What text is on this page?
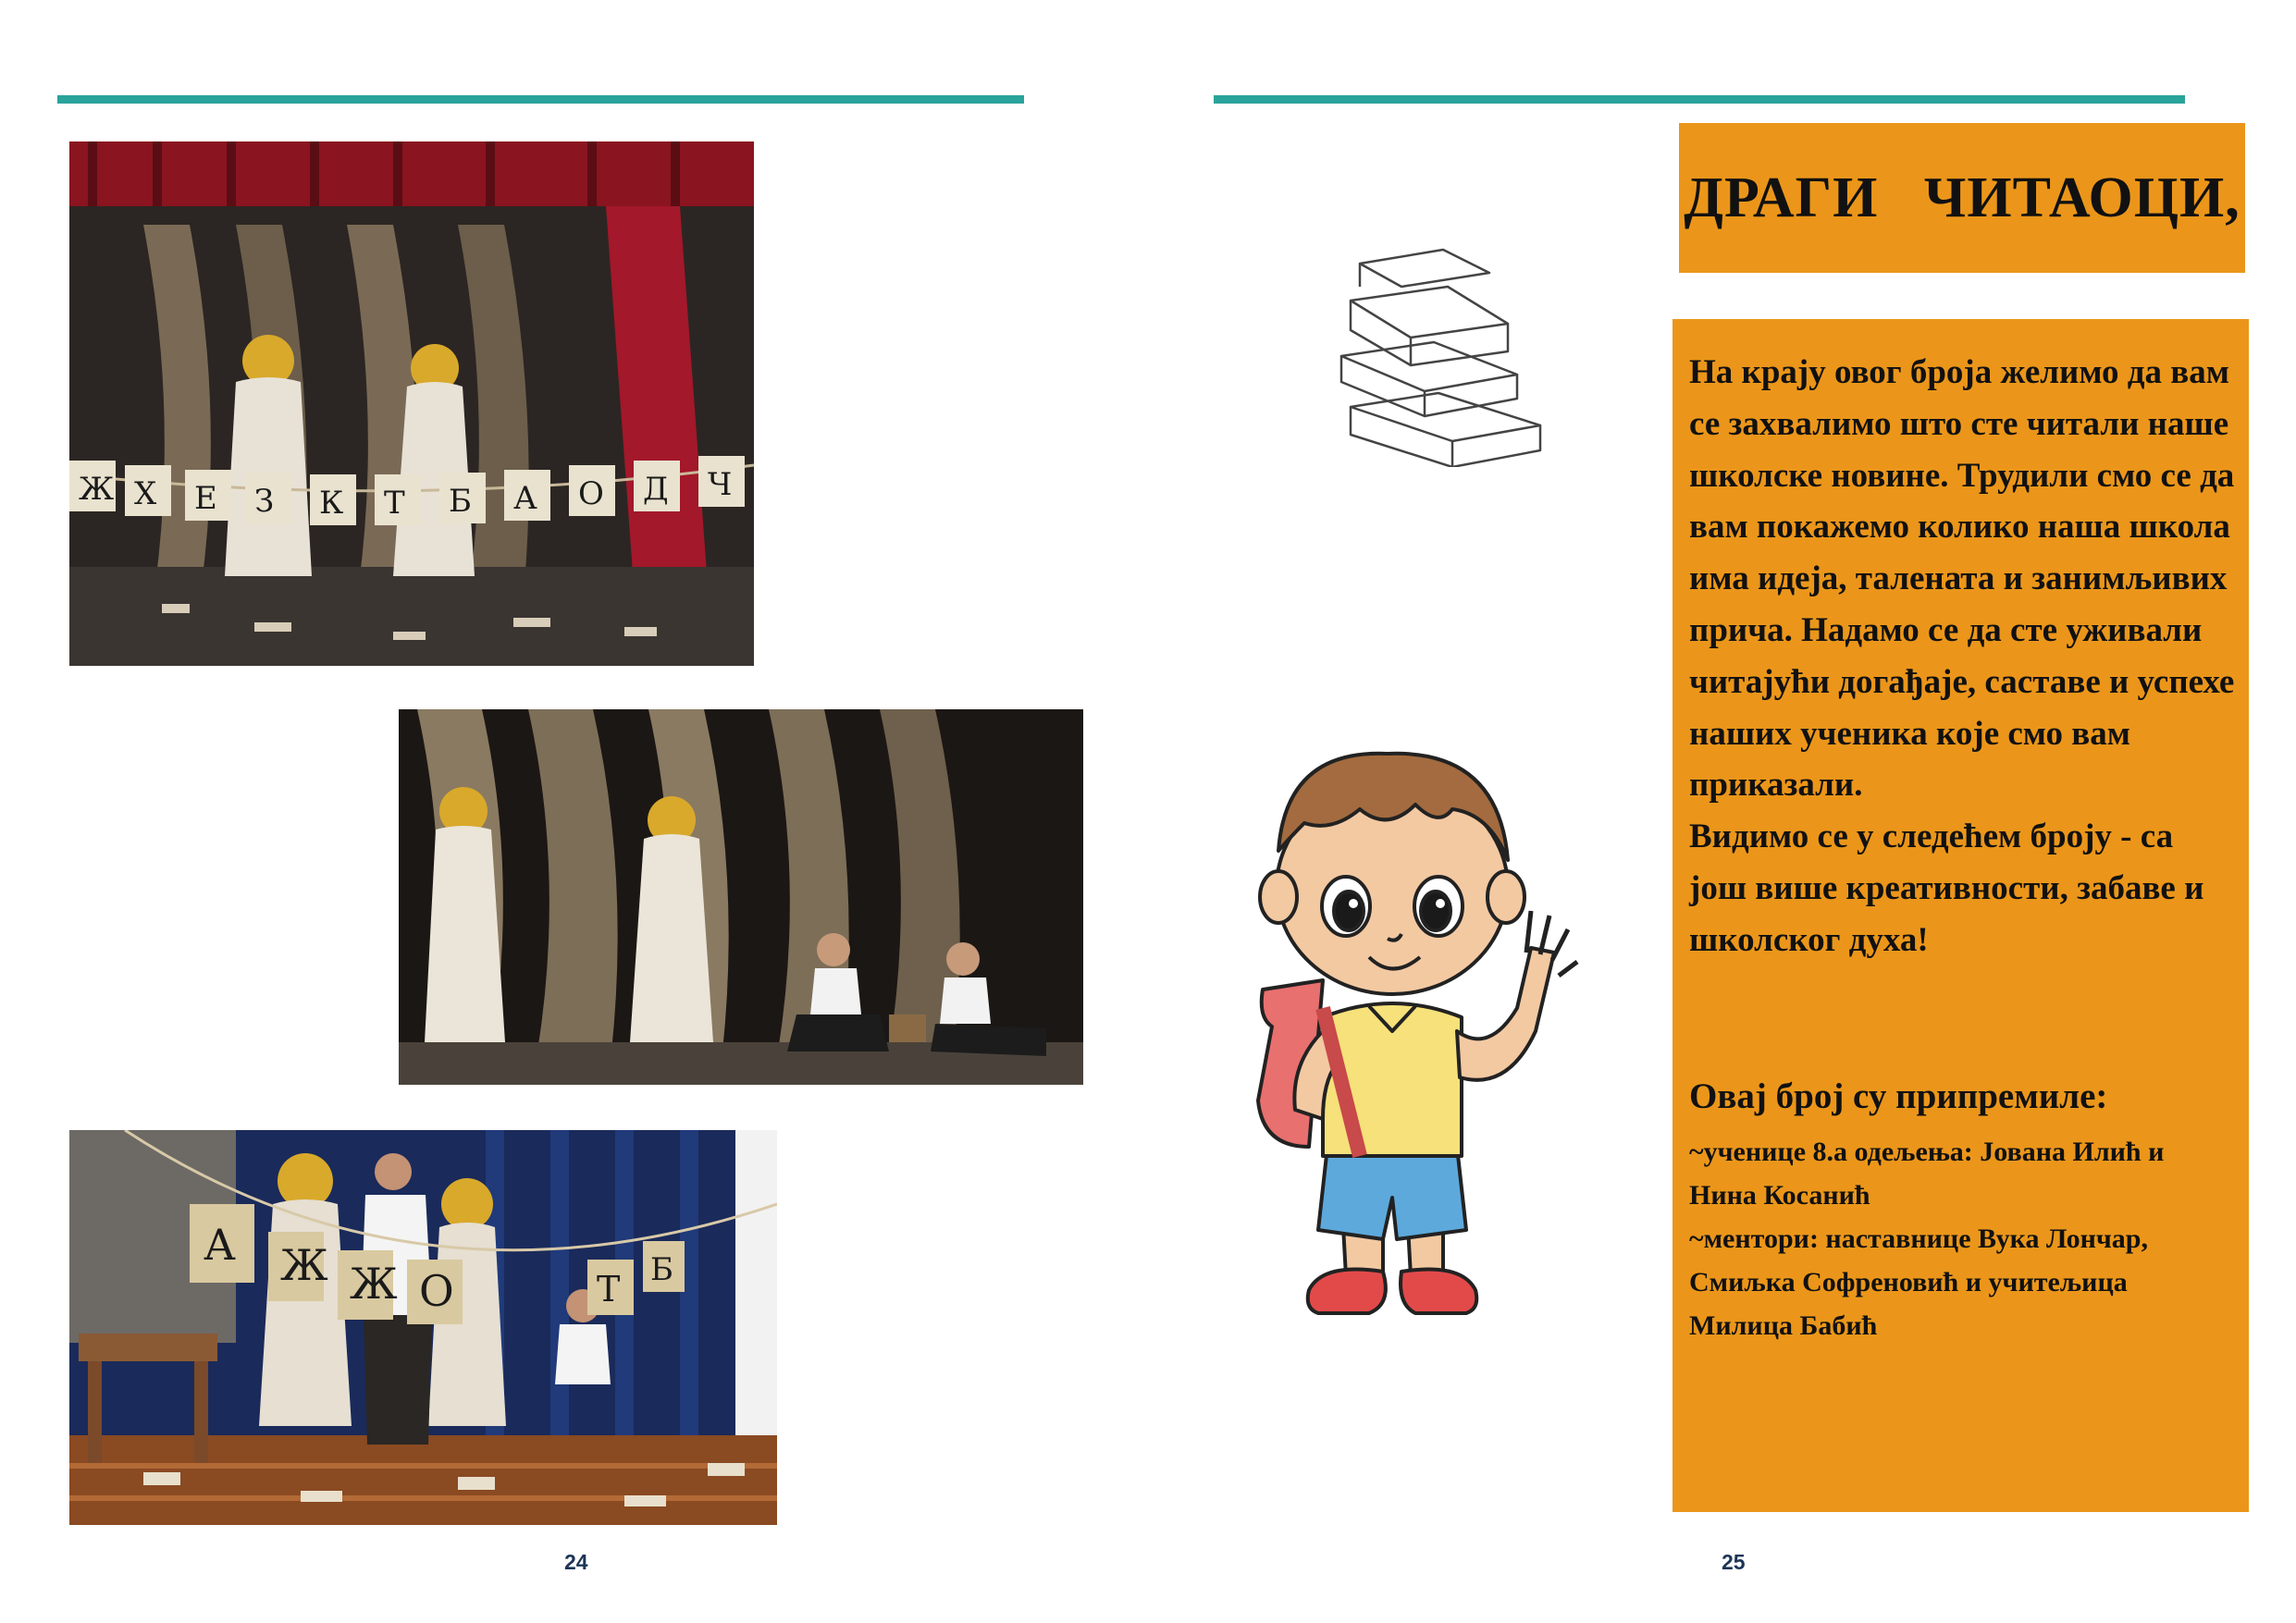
Ж Х Е З К Т Б А О Д Ч
А Ж Ж О	Т Б
24
ДРАГИ   ЧИТАОЦИ,
На крају овог броја желимо да вам се захвалимо што сте читали наше школске новине. Трудили смо се да вам покажемо колико наша школа има идеја, талената и занимљивих прича. Надамо се да сте уживали читајући догађаје, саставе и успехе наших ученика које смо вам приказали.
Видимо се у следећем броју - са још више креативности, забаве и школског духа!
Овај број су припремиле:
~ученице 8.а одељења: Јована Илић и Нина Косанић
~ментори: наставнице Вука Лончар, Смиљка Софреновић и учитељица Милица Бабић
25
